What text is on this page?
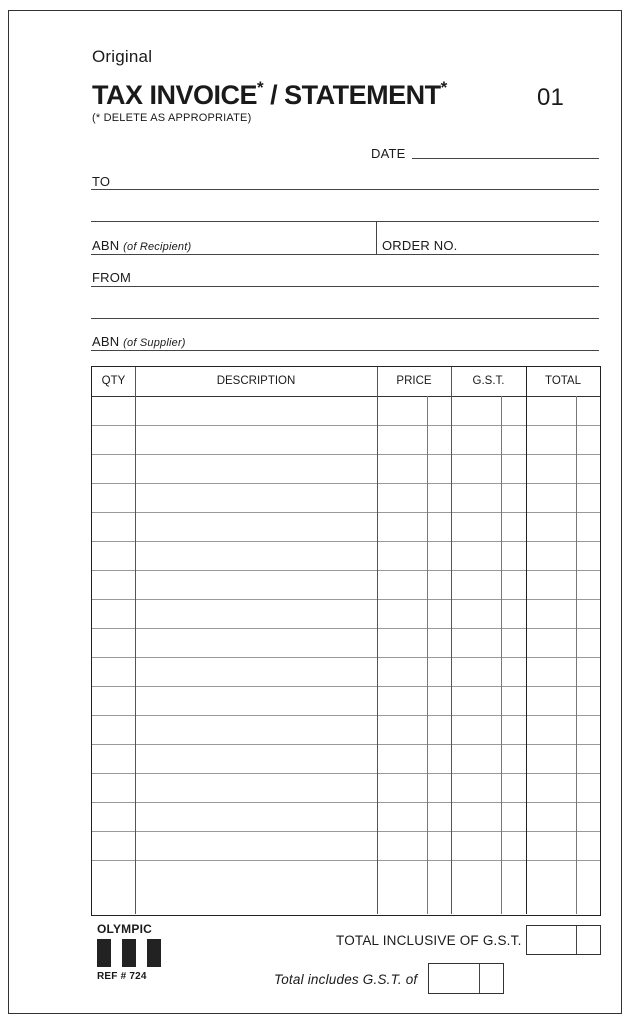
Original
TAX INVOICE* / STATEMENT*
(* DELETE AS APPROPRIATE)
01
DATE
TO
ABN (of Recipient)	ORDER NO.
FROM
ABN (of Supplier)
QTY	DESCRIPTION	PRICE	G.S.T.	TOTAL
OLYMPIC
REF # 724
TOTAL INCLUSIVE OF G.S.T.
Total includes G.S.T. of
